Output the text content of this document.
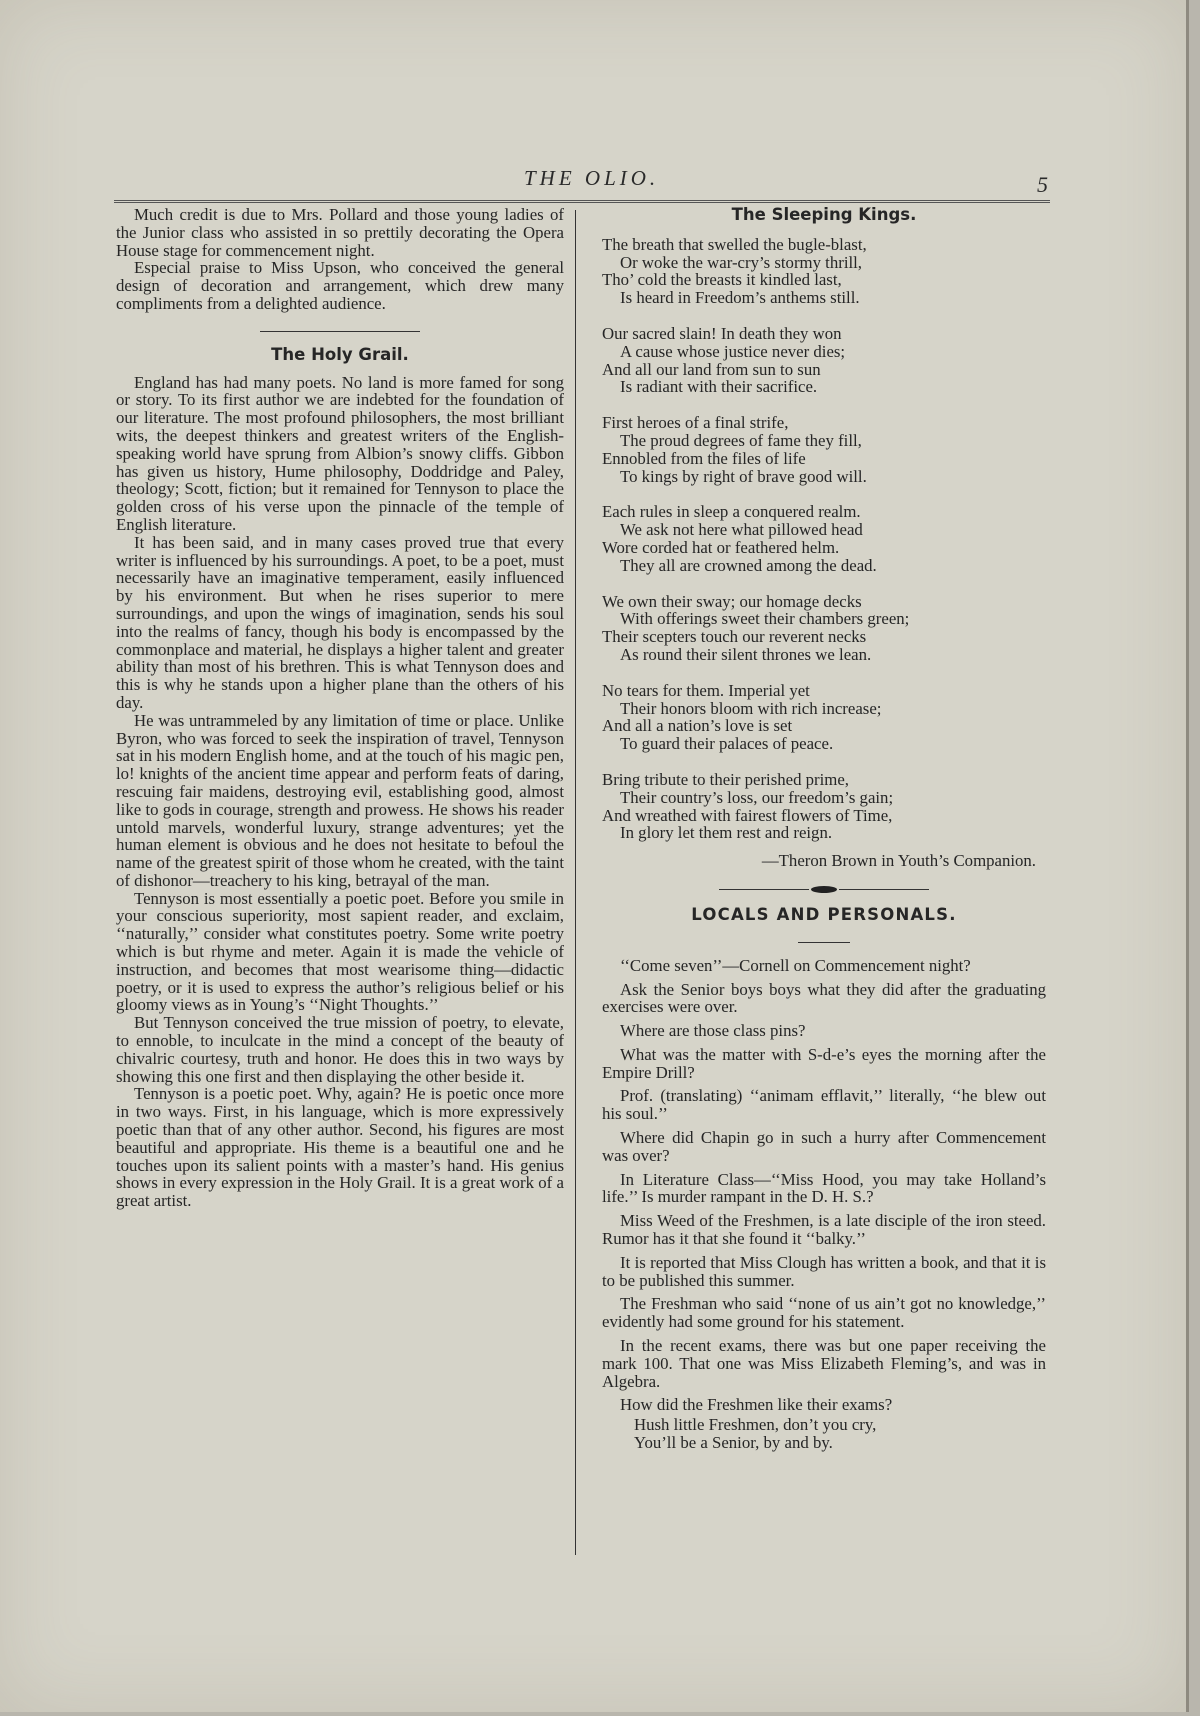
THE OLIO.	5

Much credit is due to Mrs. Pollard and those young ladies of the Junior class who assisted in so prettily decorating the Opera House stage for commencement night.

Especial praise to Miss Upson, who conceived the general design of decoration and arrangement, which drew many compliments from a delighted audience.

The Holy Grail.

England has had many poets. No land is more famed for song or story. To its first author we are indebted for the foundation of our literature. The most profound philosophers, the most brilliant wits, the deepest thinkers and greatest writers of the English-speaking world have sprung from Albion’s snowy cliffs. Gibbon has given us history, Hume philosophy, Doddridge and Paley, theology; Scott, fiction; but it remained for Tennyson to place the golden cross of his verse upon the pinnacle of the temple of English literature.

It has been said, and in many cases proved true that every writer is influenced by his surroundings. A poet, to be a poet, must necessarily have an imaginative temperament, easily influenced by his environment. But when he rises superior to mere surroundings, and upon the wings of imagination, sends his soul into the realms of fancy, though his body is encompassed by the commonplace and material, he displays a higher talent and greater ability than most of his brethren. This is what Tennyson does and this is why he stands upon a higher plane than the others of his day.

He was untrammeled by any limitation of time or place. Unlike Byron, who was forced to seek the inspiration of travel, Tennyson sat in his modern English home, and at the touch of his magic pen, lo! knights of the ancient time appear and perform feats of daring, rescuing fair maidens, destroying evil, establishing good, almost like to gods in courage, strength and prowess. He shows his reader untold marvels, wonderful luxury, strange adventures; yet the human element is obvious and he does not hesitate to befoul the name of the greatest spirit of those whom he created, with the taint of dishonor—treachery to his king, betrayal of the man.

Tennyson is most essentially a poetic poet. Before you smile in your conscious superiority, most sapient reader, and exclaim, ‘‘naturally,’’ consider what constitutes poetry. Some write poetry which is but rhyme and meter. Again it is made the vehicle of instruction, and becomes that most wearisome thing—didactic poetry, or it is used to express the author’s religious belief or his gloomy views as in Young’s ‘‘Night Thoughts.’’

But Tennyson conceived the true mission of poetry, to elevate, to ennoble, to inculcate in the mind a concept of the beauty of chivalric courtesy, truth and honor. He does this in two ways by showing this one first and then displaying the other beside it.

Tennyson is a poetic poet. Why, again? He is poetic once more in two ways. First, in his language, which is more expressively poetic than that of any other author. Second, his figures are most beautiful and appropriate. His theme is a beautiful one and he touches upon its salient points with a master’s hand. His genius shows in every expression in the Holy Grail. It is a great work of a great artist.

The Sleeping Kings.

The breath that swelled the bugle-blast,
Or woke the war-cry’s stormy thrill,
Tho’ cold the breasts it kindled last,
Is heard in Freedom’s anthems still.
Our sacred slain! In death they won
A cause whose justice never dies;
And all our land from sun to sun
Is radiant with their sacrifice.
First heroes of a final strife,
The proud degrees of fame they fill,
Ennobled from the files of life
To kings by right of brave good will.
Each rules in sleep a conquered realm.
We ask not here what pillowed head
Wore corded hat or feathered helm.
They all are crowned among the dead.
We own their sway; our homage decks
With offerings sweet their chambers green;
Their scepters touch our reverent necks
As round their silent thrones we lean.
No tears for them. Imperial yet
Their honors bloom with rich increase;
And all a nation’s love is set
To guard their palaces of peace.
Bring tribute to their perished prime,
Their country’s loss, our freedom’s gain;
And wreathed with fairest flowers of Time,
In glory let them rest and reign.

—Theron Brown in Youth’s Companion.

LOCALS AND PERSONALS.

‘‘Come seven’’—Cornell on Commencement night?

Ask the Senior boys boys what they did after the graduating exercises were over.

Where are those class pins?

What was the matter with S-d-e’s eyes the morning after the Empire Drill?

Prof. (translating) ‘‘animam efflavit,’’ literally, ‘‘he blew out his soul.’’

Where did Chapin go in such a hurry after Commencement was over?

In Literature Class—‘‘Miss Hood, you may take Holland’s life.’’ Is murder rampant in the D. H. S.?

Miss Weed of the Freshmen, is a late disciple of the iron steed. Rumor has it that she found it ‘‘balky.’’

It is reported that Miss Clough has written a book, and that it is to be published this summer.

The Freshman who said ‘‘none of us ain’t got no knowledge,’’ evidently had some ground for his statement.

In the recent exams, there was but one paper receiving the mark 100. That one was Miss Elizabeth Fleming’s, and was in Algebra.

How did the Freshmen like their exams?

Hush little Freshmen, don’t you cry,
You’ll be a Senior, by and by.
